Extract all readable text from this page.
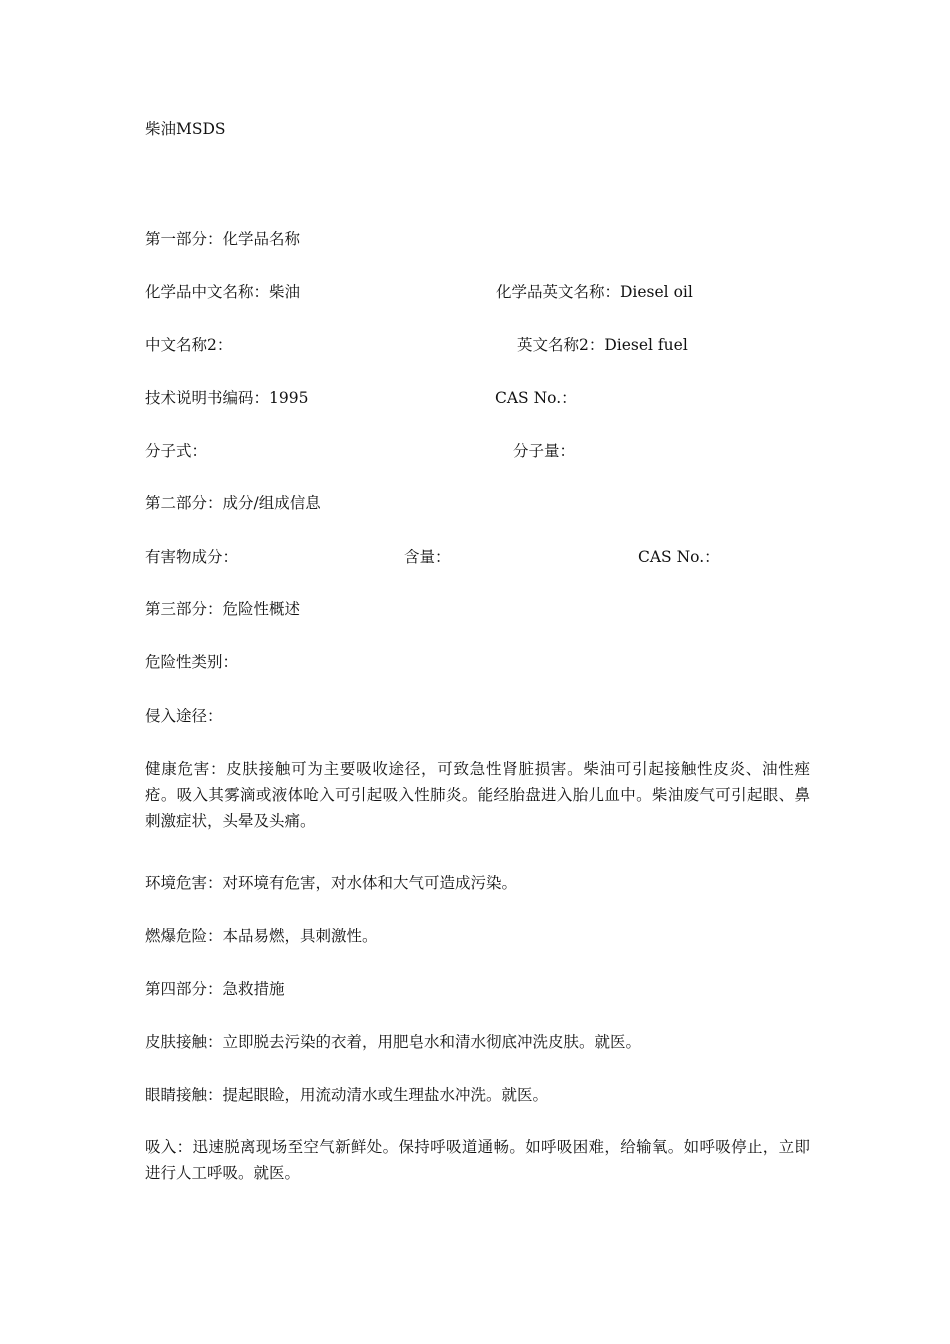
柴油MSDS
第一部分：化学品名称
化学品中文名称：柴油	化学品英文名称：Diesel oil
中文名称2：	英文名称2：Diesel fuel
技术说明书编码：1995	CAS No.：
分子式：	分子量：
第二部分：成分/组成信息
有害物成分：	含量：	CAS No.：
第三部分：危险性概述
危险性类别：
侵入途径：
健康危害：皮肤接触可为主要吸收途径，可致急性肾脏损害。柴油可引起接触性皮炎、油性痤疮。吸入其雾滴或液体呛入可引起吸入性肺炎。能经胎盘进入胎儿血中。柴油废气可引起眼、鼻刺激症状，头晕及头痛。
环境危害：对环境有危害，对水体和大气可造成污染。
燃爆危险：本品易燃，具刺激性。
第四部分：急救措施
皮肤接触：立即脱去污染的衣着，用肥皂水和清水彻底冲洗皮肤。就医。
眼睛接触：提起眼睑，用流动清水或生理盐水冲洗。就医。
吸入：迅速脱离现场至空气新鲜处。保持呼吸道通畅。如呼吸困难，给输氧。如呼吸停止，立即进行人工呼吸。就医。
